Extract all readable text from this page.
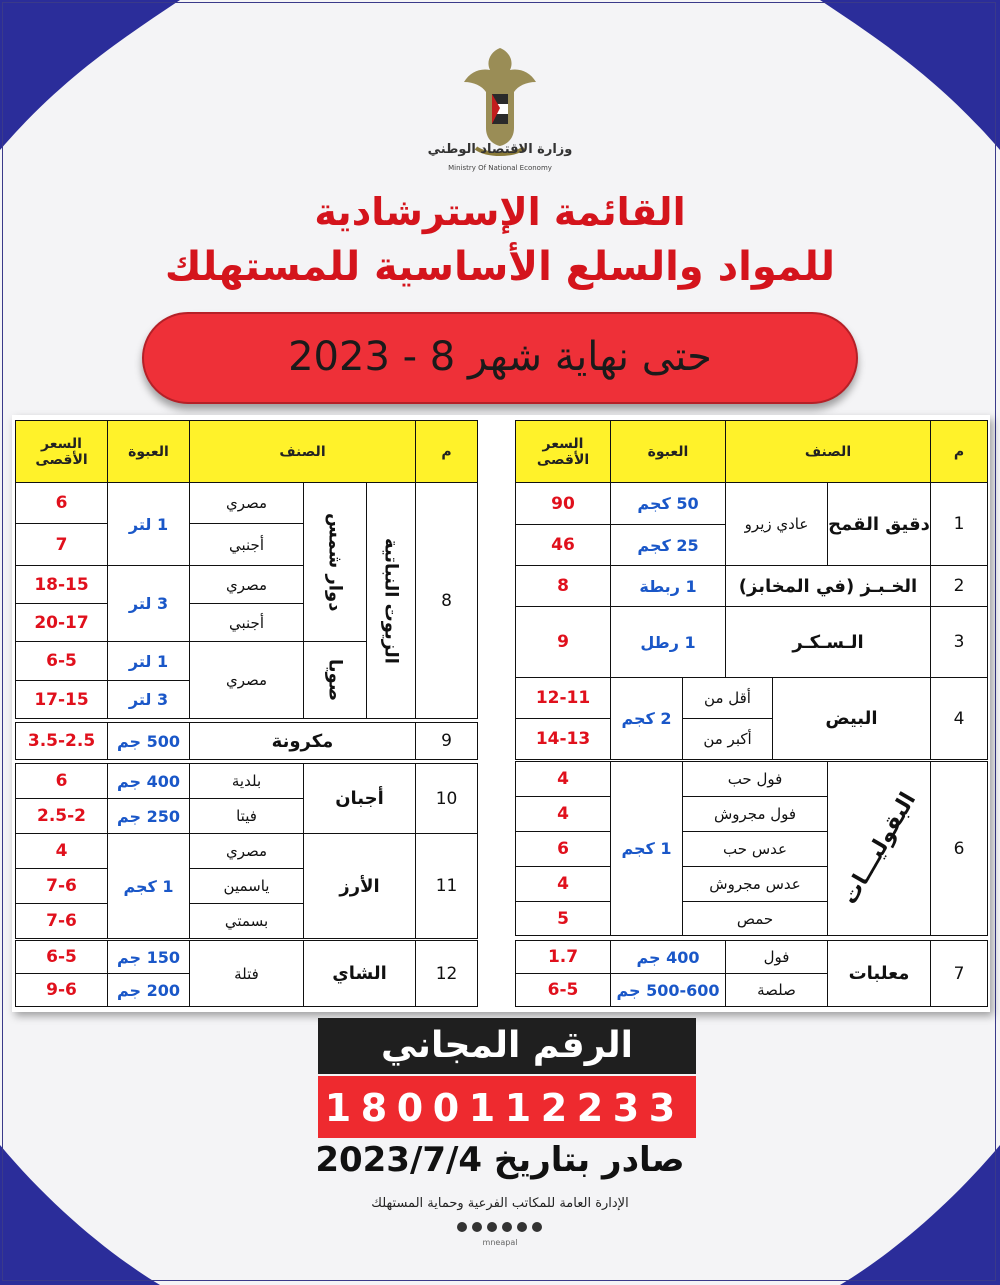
وزارة الاقتصاد الوطني
Ministry Of National Economy
القائمة الإسترشادية
للمواد والسلع الأساسية للمستهلك
حتى نهاية شهر 8 - 2023
م
الصنف
العبوة
السعر الأقصى
1
دقيق القمح
عادي زيرو
50 كجم
25 كجم
90
46
2
الخـبـز (في المخابز)
1 ربطة
8
3
الـسـكـر
1 رطل
9
4
البيض
أقل من
أكبر من
2 كجم
12-11
14-13
6
البقوليـــات
فول حب
فول مجروش
عدس حب
عدس مجروش
حمص
1 كجم
4
4
6
4
5
7
معلبات
فول
صلصة
400 جم
500-600 جم
1.7
6-5
م
الصنف
العبوة
السعر الأقصى
8
الزيوت النباتية
دوار شمس
صويا
مصري
أجنبي
مصري
أجنبي
مصري
1 لتر
3 لتر
1 لتر
3 لتر
6
7
18-15
20-17
6-5
17-15
9
مكرونة
500 جم
3.5-2.5
10
أجبان
بلدية
فيتا
400 جم
250 جم
6
2.5-2
11
الأرز
مصري
ياسمين
بسمتي
1 كجم
4
7-6
7-6
12
الشاي
فتلة
150 جم
200 جم
6-5
9-6
الرقم المجاني
1 8 0 0 1 1 2 2 3 3
صادر بتاريخ 2023/7/4
الإدارة العامة للمكاتب الفرعية وحماية المستهلك
mneapal
